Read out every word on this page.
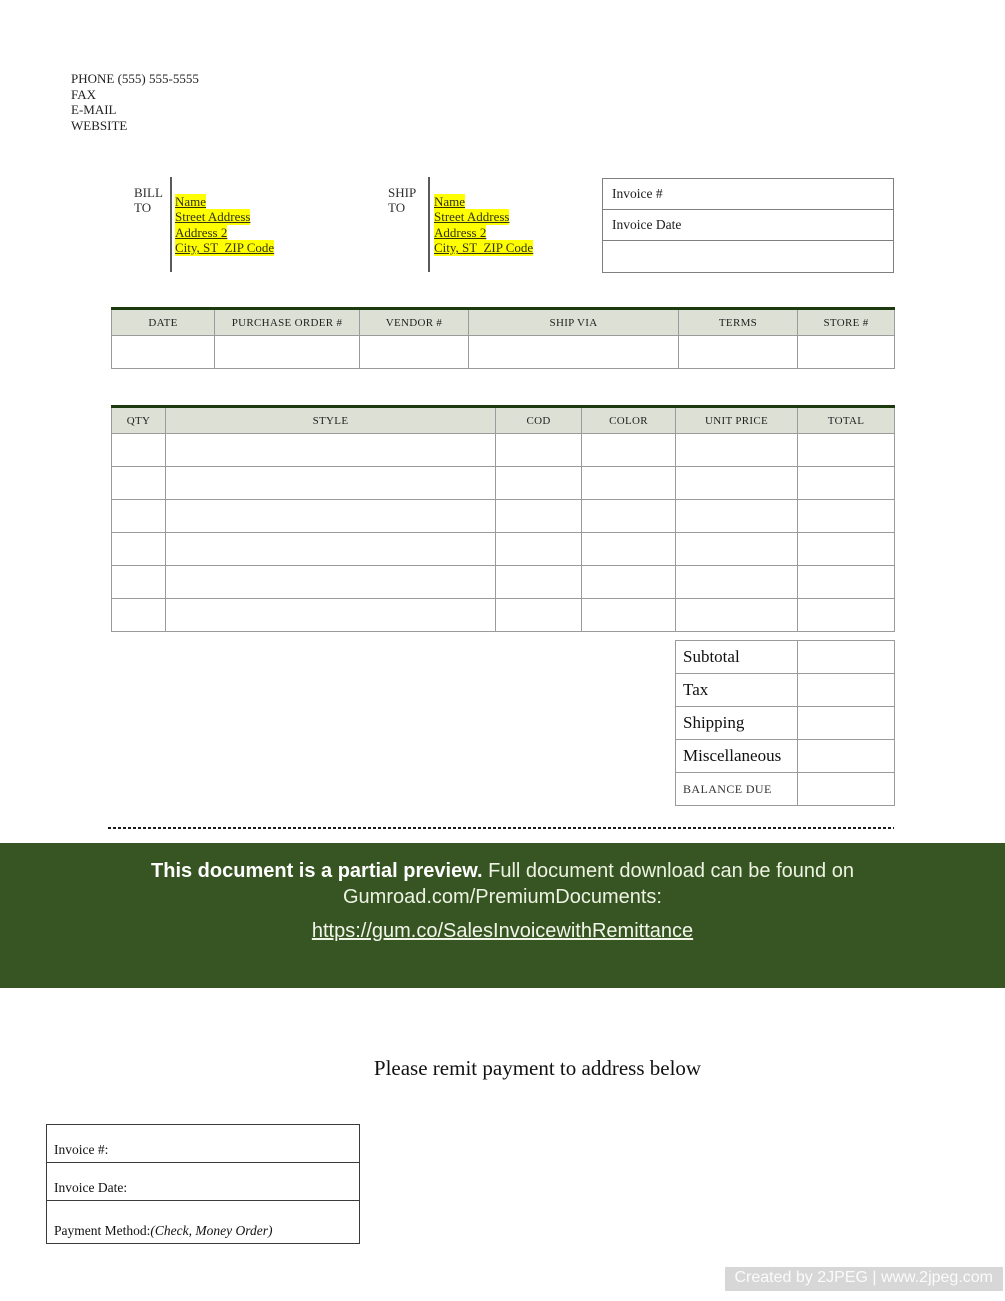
PHONE (555) 555-5555
FAX
E-MAIL
WEBSITE
BILL
TO	Name
Street Address
Address 2
City, ST  ZIP Code
SHIP
TO	Name
Street Address
Address 2
City, ST  ZIP Code
Invoice #
Invoice Date
DATE	PURCHASE ORDER #	VENDOR #	SHIP VIA	TERMS	STORE #

QTY	STYLE	COD	COLOR	UNIT PRICE	TOTAL

Subtotal	
Tax	
Shipping	
Miscellaneous	
BALANCE DUE	
This document is a partial preview. Full document download can be found on Gumroad.com/PremiumDocuments:
https://gum.co/SalesInvoicewithRemittance
Please remit payment to address below
Invoice #:
Invoice Date:
Payment Method: (Check, Money Order)
Created by 2JPEG | www.2jpeg.com
